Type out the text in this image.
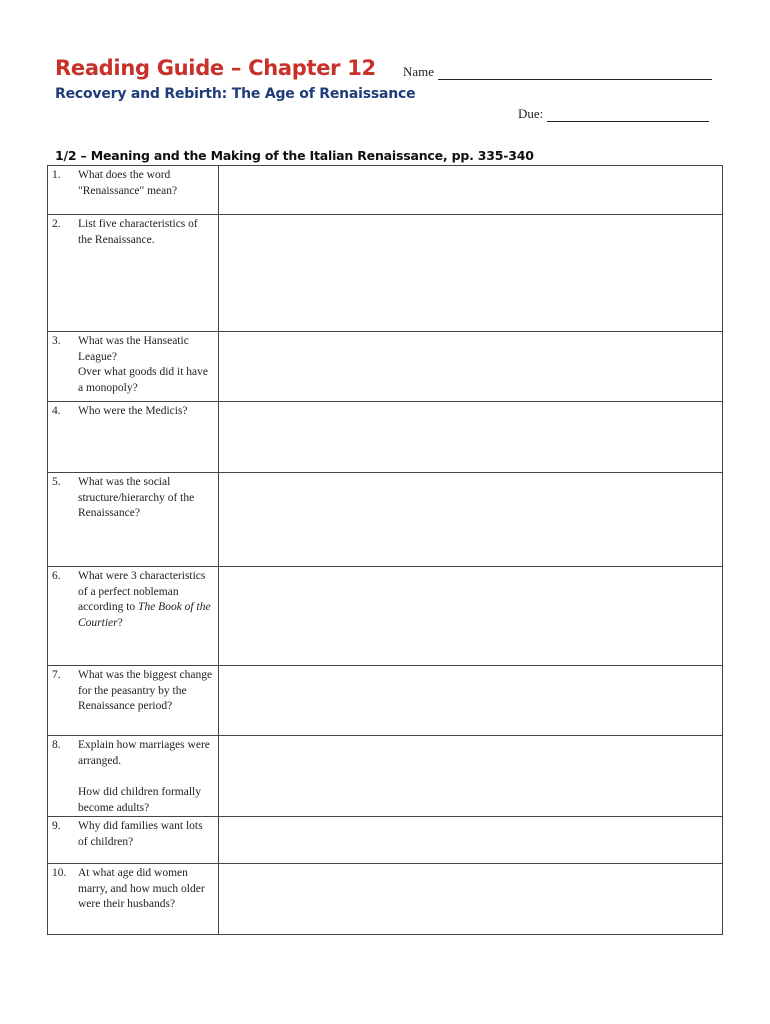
Reading Guide – Chapter 12
Recovery and Rebirth: The Age of Renaissance
Name
Due:
1/2 – Meaning and the Making of the Italian Renaissance, pp. 335-340
1. What does the word "Renaissance" mean?	

2. List five characteristics of the Renaissance.	

3. What was the Hanseatic League?

Over what goods did it have a monopoly?	

4. Who were the Medicis?	

5. What was the social structure/hierarchy of the Renaissance?	

6. What were 3 characteristics of a perfect nobleman according to The Book of the Courtier?	

7. What was the biggest change for the peasantry by the Renaissance period?	

8. Explain how marriages were arranged.

How did children formally become adults?	

9. Why did families want lots of children?	

10. At what age did women marry, and how much older were their husbands?	
